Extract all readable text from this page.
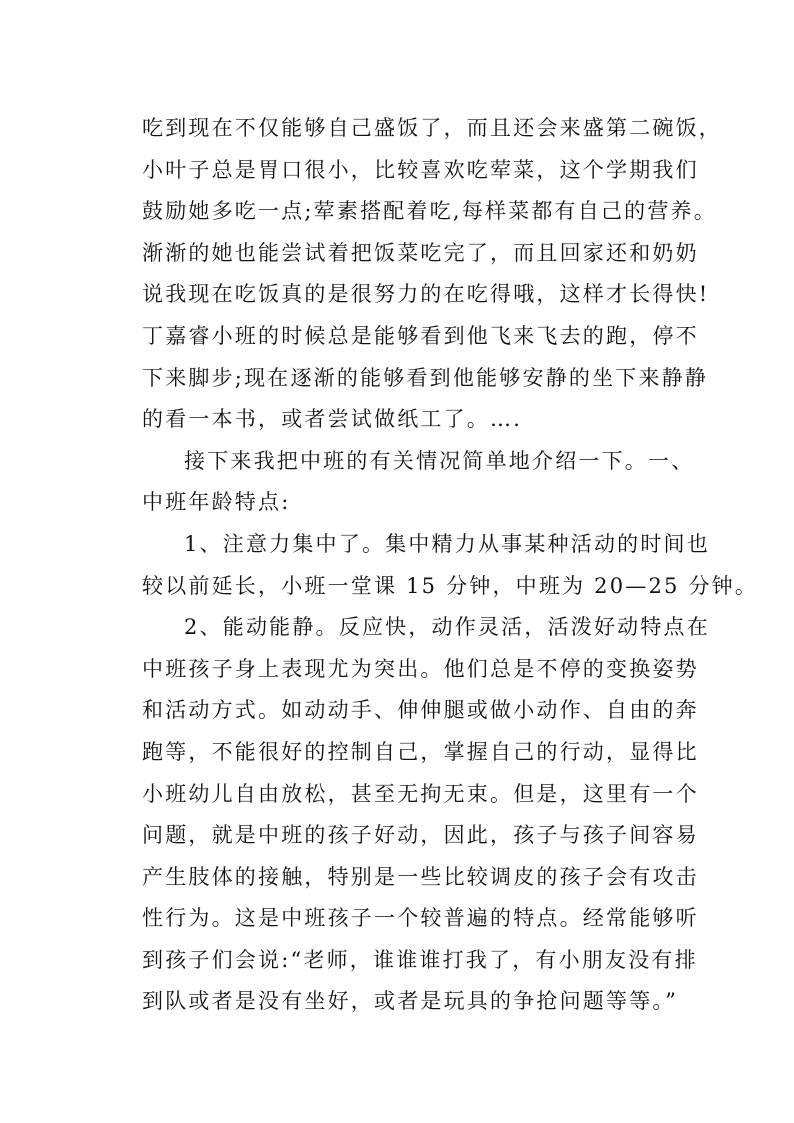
吃到现在不仅能够自己盛饭了，而且还会来盛第二碗饭，
小叶子总是胃口很小，比较喜欢吃荤菜，这个学期我们
鼓励她多吃一点;荤素搭配着吃,每样菜都有自己的营养。
渐渐的她也能尝试着把饭菜吃完了，而且回家还和奶奶
说我现在吃饭真的是很努力的在吃得哦，这样才长得快!
丁嘉睿小班的时候总是能够看到他飞来飞去的跑，停不
下来脚步;现在逐渐的能够看到他能够安静的坐下来静静
的看一本书，或者尝试做纸工了。….
接下来我把中班的有关情况简单地介绍一下。一、
中班年龄特点:
1、注意力集中了。集中精力从事某种活动的时间也
较以前延长，小班一堂课 15 分钟，中班为 20—25 分钟。
2、能动能静。反应快，动作灵活，活泼好动特点在
中班孩子身上表现尤为突出。他们总是不停的变换姿势
和活动方式。如动动手、伸伸腿或做小动作、自由的奔
跑等，不能很好的控制自己，掌握自己的行动，显得比
小班幼儿自由放松，甚至无拘无束。但是，这里有一个
问题，就是中班的孩子好动，因此，孩子与孩子间容易
产生肢体的接触，特别是一些比较调皮的孩子会有攻击
性行为。这是中班孩子一个较普遍的特点。经常能够听
到孩子们会说:“老师，谁谁谁打我了，有小朋友没有排
到队或者是没有坐好，或者是玩具的争抢问题等等。”
